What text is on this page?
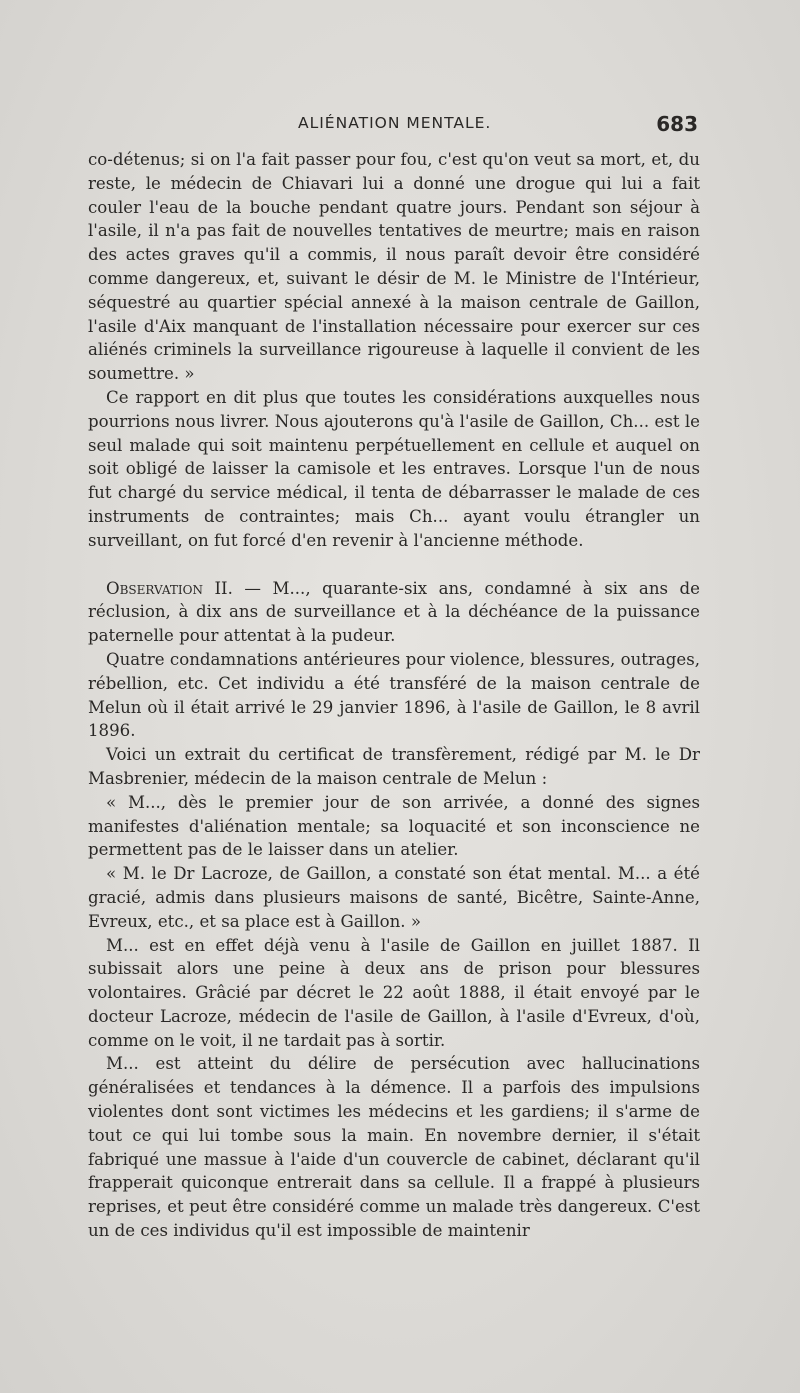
ALIÉNATION MENTALE.	683

co-détenus; si on l'a fait passer pour fou, c'est qu'on veut sa mort, et, du reste, le médecin de Chiavari lui a donné une drogue qui lui a fait couler l'eau de la bouche pendant quatre jours. Pendant son séjour à l'asile, il n'a pas fait de nouvelles tentatives de meurtre; mais en raison des actes graves qu'il a commis, il nous paraît devoir être considéré comme dangereux, et, suivant le désir de M. le Ministre de l'Intérieur, séquestré au quartier spécial annexé à la maison centrale de Gaillon, l'asile d'Aix manquant de l'installation nécessaire pour exercer sur ces aliénés criminels la surveillance rigoureuse à laquelle il convient de les soumettre. »

Ce rapport en dit plus que toutes les considérations auxquelles nous pourrions nous livrer. Nous ajouterons qu'à l'asile de Gaillon, Ch... est le seul malade qui soit maintenu perpétuellement en cellule et auquel on soit obligé de laisser la camisole et les entraves. Lorsque l'un de nous fut chargé du service médical, il tenta de débarrasser le malade de ces instruments de contraintes; mais Ch... ayant voulu étrangler un surveillant, on fut forcé d'en revenir à l'ancienne méthode.

Observation II. — M..., quarante-six ans, condamné à six ans de réclusion, à dix ans de surveillance et à la déchéance de la puissance paternelle pour attentat à la pudeur.

Quatre condamnations antérieures pour violence, blessures, outrages, rébellion, etc. Cet individu a été transféré de la maison centrale de Melun où il était arrivé le 29 janvier 1896, à l'asile de Gaillon, le 8 avril 1896.

Voici un extrait du certificat de transfèrement, rédigé par M. le Dr Masbrenier, médecin de la maison centrale de Melun :

« M..., dès le premier jour de son arrivée, a donné des signes manifestes d'aliénation mentale; sa loquacité et son inconscience ne permettent pas de le laisser dans un atelier.

« M. le Dr Lacroze, de Gaillon, a constaté son état mental. M... a été gracié, admis dans plusieurs maisons de santé, Bicêtre, Sainte-Anne, Evreux, etc., et sa place est à Gaillon. »

M... est en effet déjà venu à l'asile de Gaillon en juillet 1887. Il subissait alors une peine à deux ans de prison pour blessures volontaires. Grâcié par décret le 22 août 1888, il était envoyé par le docteur Lacroze, médecin de l'asile de Gaillon, à l'asile d'Evreux, d'où, comme on le voit, il ne tardait pas à sortir.

M... est atteint du délire de persécution avec hallucinations généralisées et tendances à la démence. Il a parfois des impulsions violentes dont sont victimes les médecins et les gardiens; il s'arme de tout ce qui lui tombe sous la main. En novembre dernier, il s'était fabriqué une massue à l'aide d'un couvercle de cabinet, déclarant qu'il frapperait quiconque entrerait dans sa cellule. Il a frappé à plusieurs reprises, et peut être considéré comme un malade très dangereux. C'est un de ces individus qu'il est impossible de maintenir
